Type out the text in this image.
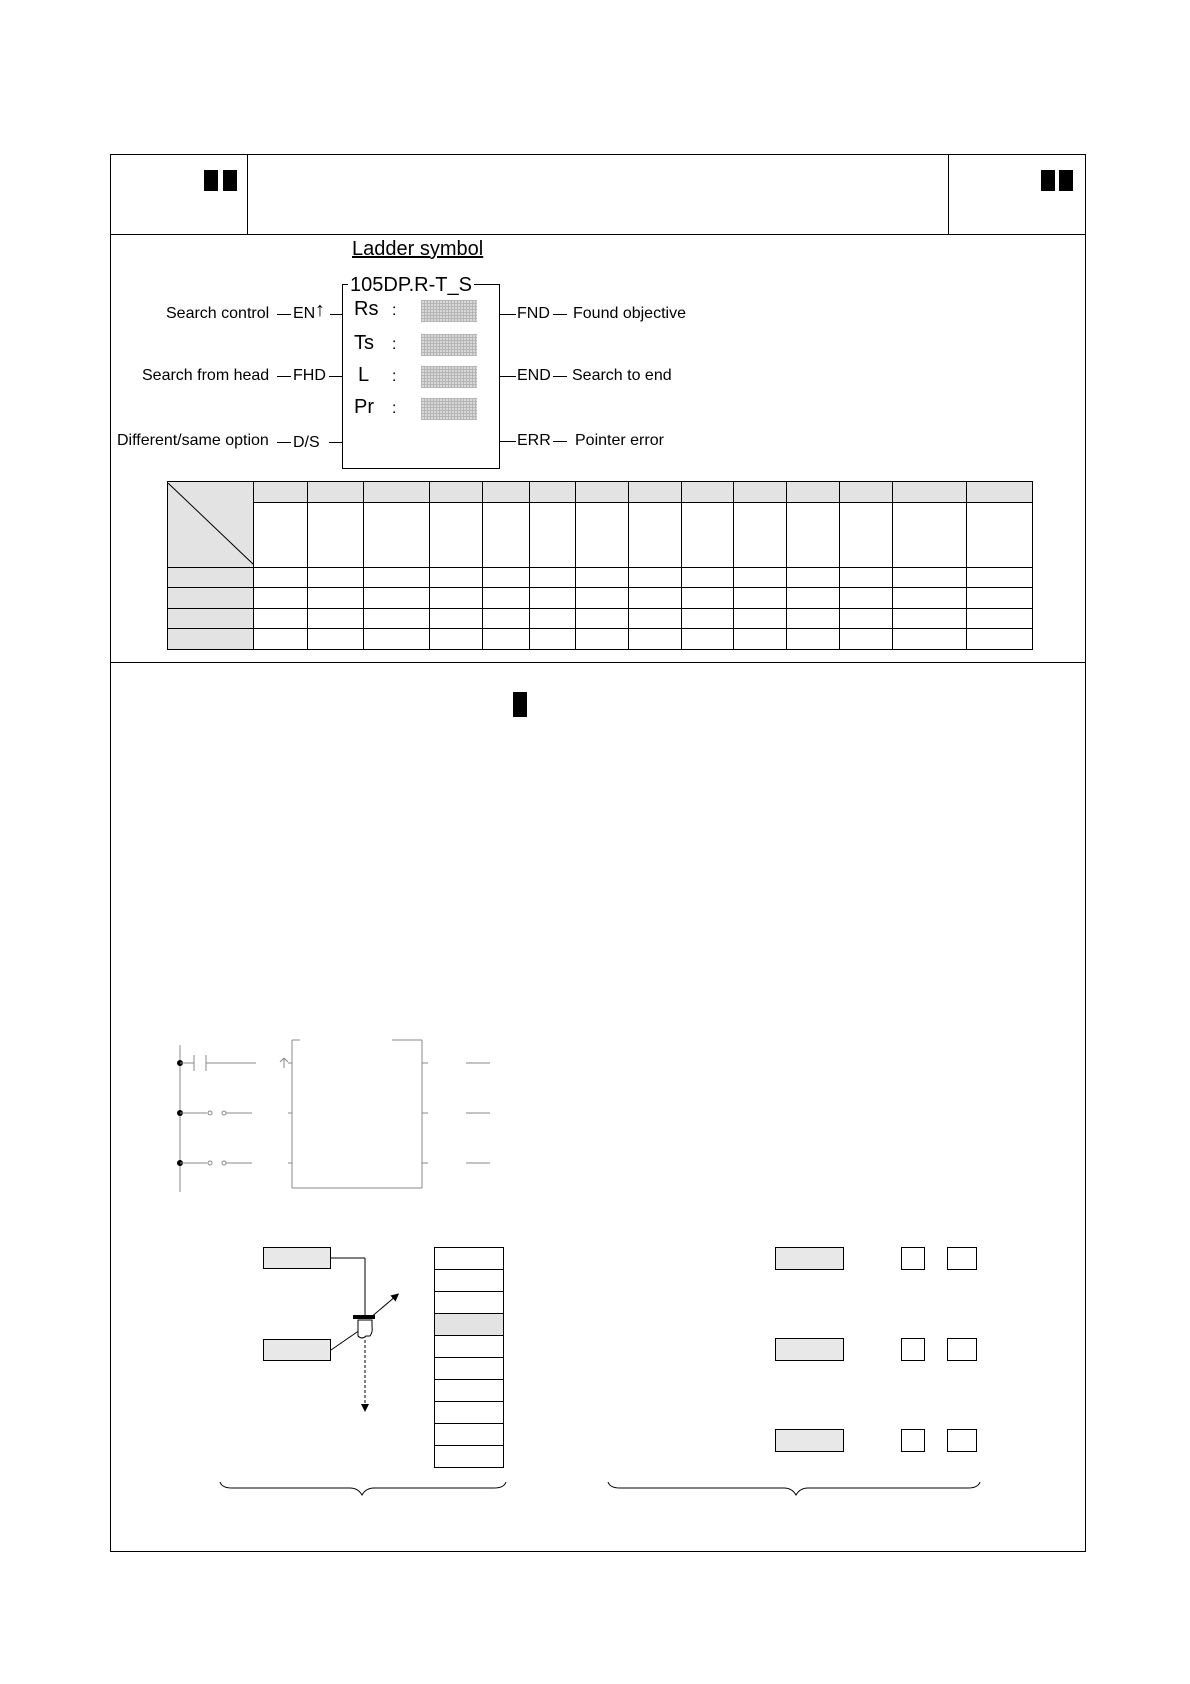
Ladder symbol
105DP.R-T_S
Rs
Ts
L
Pr
:
:
:
:
Search control EN ↑
Search from head FHD
Different/same option D/S
FND Found objective
END Search to end
ERR Pointer error
